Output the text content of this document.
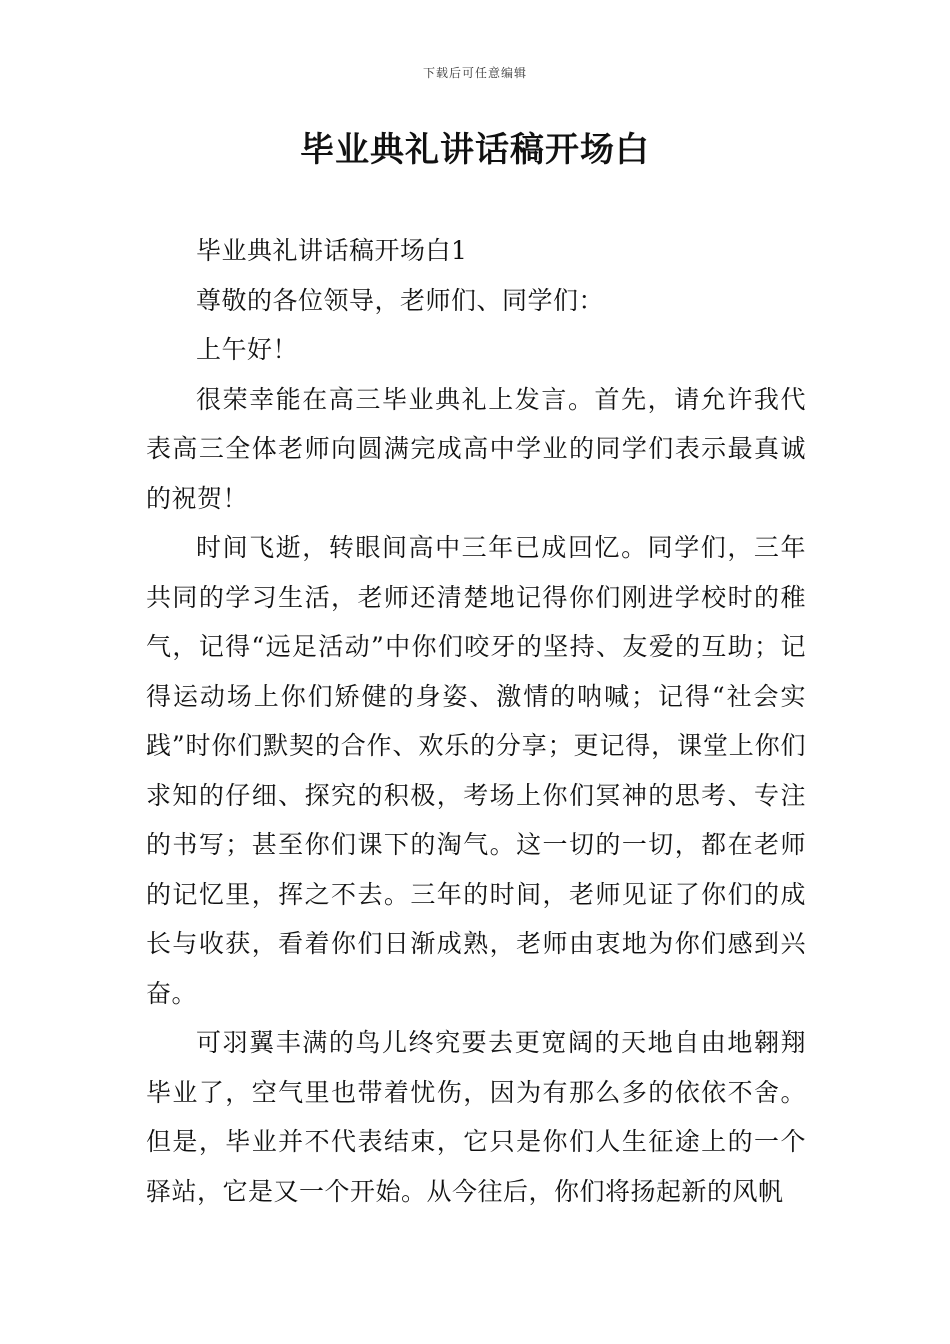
下载后可任意编辑
毕业典礼讲话稿开场白

毕业典礼讲话稿开场白1

尊敬的各位领导，老师们、同学们：

上午好！

很荣幸能在高三毕业典礼上发言。首先，请允许我代表高三全体老师向圆满完成高中学业的同学们表示最真诚的祝贺！

时间飞逝，转眼间高中三年已成回忆。同学们，三年共同的学习生活，老师还清楚地记得你们刚进学校时的稚气，记得“远足活动”中你们咬牙的坚持、友爱的互助；记得运动场上你们矫健的身姿、激情的呐喊；记得“社会实践”时你们默契的合作、欢乐的分享；更记得，课堂上你们求知的仔细、探究的积极，考场上你们冥神的思考、专注的书写；甚至你们课下的淘气。这一切的一切，都在老师的记忆里，挥之不去。三年的时间，老师见证了你们的成长与收获，看着你们日渐成熟，老师由衷地为你们感到兴奋。

可羽翼丰满的鸟儿终究要去更宽阔的天地自由地翱翔毕业了，空气里也带着忧伤，因为有那么多的依依不舍。但是，毕业并不代表结束，它只是你们人生征途上的一个驿站，它是又一个开始。从今往后，你们将扬起新的风帆
